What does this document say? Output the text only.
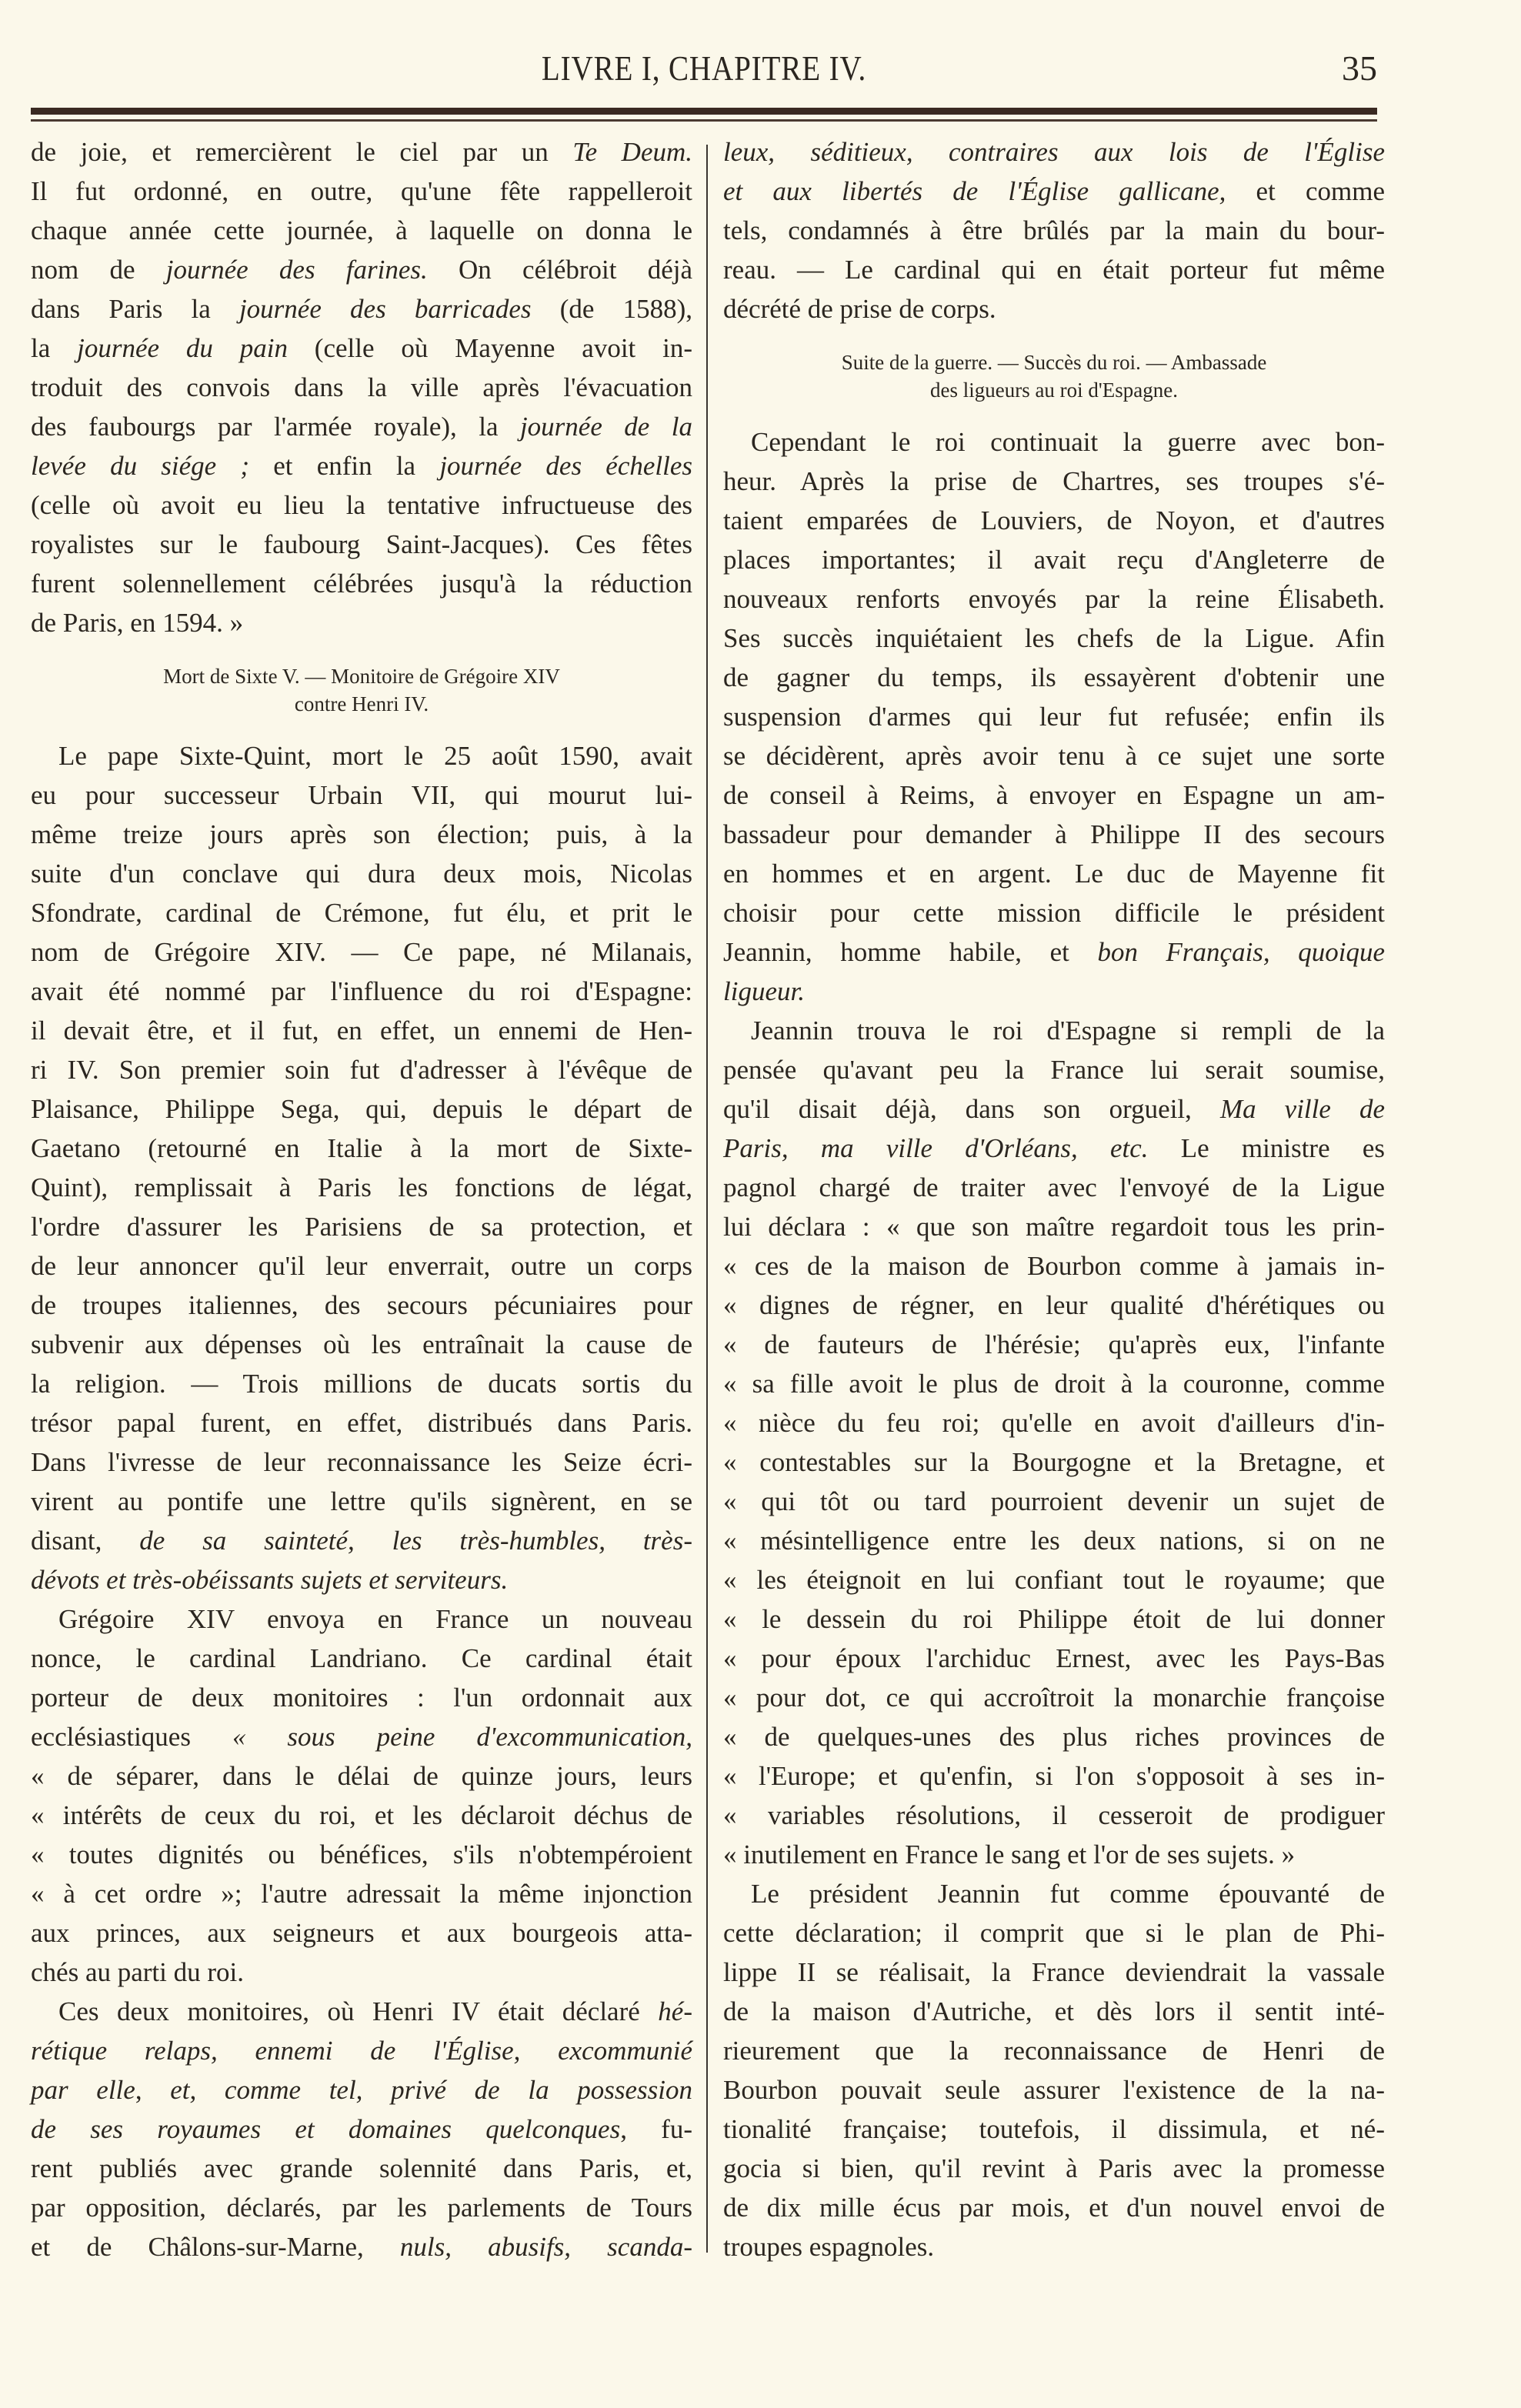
LIVRE I, CHAPITRE IV.	35
de joie, et remercièrent le ciel par un Te Deum.
Il fut ordonné, en outre, qu'une fête rappelleroit
chaque année cette journée, à laquelle on donna le
nom de journée des farines. On célébroit déjà
dans Paris la journée des barricades (de 1588),
la journée du pain (celle où Mayenne avoit in-
troduit des convois dans la ville après l'évacuation
des faubourgs par l'armée royale), la journée de la
levée du siége ; et enfin la journée des échelles
(celle où avoit eu lieu la tentative infructueuse des
royalistes sur le faubourg Saint-Jacques). Ces fêtes
furent solennellement célébrées jusqu'à la réduction
de Paris, en 1594. »
Mort de Sixte V. — Monitoire de Grégoire XIV
contre Henri IV.
Le pape Sixte-Quint, mort le 25 août 1590, avait
eu pour successeur Urbain VII, qui mourut lui-
même treize jours après son élection; puis, à la
suite d'un conclave qui dura deux mois, Nicolas
Sfondrate, cardinal de Crémone, fut élu, et prit le
nom de Grégoire XIV. — Ce pape, né Milanais,
avait été nommé par l'influence du roi d'Espagne:
il devait être, et il fut, en effet, un ennemi de Hen-
ri IV. Son premier soin fut d'adresser à l'évêque de
Plaisance, Philippe Sega, qui, depuis le départ de
Gaetano (retourné en Italie à la mort de Sixte-
Quint), remplissait à Paris les fonctions de légat,
l'ordre d'assurer les Parisiens de sa protection, et
de leur annoncer qu'il leur enverrait, outre un corps
de troupes italiennes, des secours pécuniaires pour
subvenir aux dépenses où les entraînait la cause de
la religion. — Trois millions de ducats sortis du
trésor papal furent, en effet, distribués dans Paris.
Dans l'ivresse de leur reconnaissance les Seize écri-
virent au pontife une lettre qu'ils signèrent, en se
disant, de sa sainteté, les très-humbles, très-
dévots et très-obéissants sujets et serviteurs.
Grégoire XIV envoya en France un nouveau
nonce, le cardinal Landriano. Ce cardinal était
porteur de deux monitoires : l'un ordonnait aux
ecclésiastiques « sous peine d'excommunication,
« de séparer, dans le délai de quinze jours, leurs
« intérêts de ceux du roi, et les déclaroit déchus de
« toutes dignités ou bénéfices, s'ils n'obtempéroient
« à cet ordre »; l'autre adressait la même injonction
aux princes, aux seigneurs et aux bourgeois atta-
chés au parti du roi.
Ces deux monitoires, où Henri IV était déclaré hé-
rétique relaps, ennemi de l'Église, excommunié
par elle, et, comme tel, privé de la possession
de ses royaumes et domaines quelconques, fu-
rent publiés avec grande solennité dans Paris, et,
par opposition, déclarés, par les parlements de Tours
et de Châlons-sur-Marne, nuls, abusifs, scanda-
leux, séditieux, contraires aux lois de l'Église
et aux libertés de l'Église gallicane, et comme
tels, condamnés à être brûlés par la main du bour-
reau. — Le cardinal qui en était porteur fut même
décrété de prise de corps.
Suite de la guerre. — Succès du roi. — Ambassade
des ligueurs au roi d'Espagne.
Cependant le roi continuait la guerre avec bon-
heur. Après la prise de Chartres, ses troupes s'é-
taient emparées de Louviers, de Noyon, et d'autres
places importantes; il avait reçu d'Angleterre de
nouveaux renforts envoyés par la reine Élisabeth.
Ses succès inquiétaient les chefs de la Ligue. Afin
de gagner du temps, ils essayèrent d'obtenir une
suspension d'armes qui leur fut refusée; enfin ils
se décidèrent, après avoir tenu à ce sujet une sorte
de conseil à Reims, à envoyer en Espagne un am-
bassadeur pour demander à Philippe II des secours
en hommes et en argent. Le duc de Mayenne fit
choisir pour cette mission difficile le président
Jeannin, homme habile, et bon Français, quoique
ligueur.
Jeannin trouva le roi d'Espagne si rempli de la
pensée qu'avant peu la France lui serait soumise,
qu'il disait déjà, dans son orgueil, Ma ville de
Paris, ma ville d'Orléans, etc. Le ministre es
pagnol chargé de traiter avec l'envoyé de la Ligue
lui déclara : « que son maître regardoit tous les prin-
« ces de la maison de Bourbon comme à jamais in-
« dignes de régner, en leur qualité d'hérétiques ou
« de fauteurs de l'hérésie; qu'après eux, l'infante
« sa fille avoit le plus de droit à la couronne, comme
« nièce du feu roi; qu'elle en avoit d'ailleurs d'in-
« contestables sur la Bourgogne et la Bretagne, et
« qui tôt ou tard pourroient devenir un sujet de
« mésintelligence entre les deux nations, si on ne
« les éteignoit en lui confiant tout le royaume; que
« le dessein du roi Philippe étoit de lui donner
« pour époux l'archiduc Ernest, avec les Pays-Bas
« pour dot, ce qui accroîtroit la monarchie françoise
« de quelques-unes des plus riches provinces de
« l'Europe; et qu'enfin, si l'on s'opposoit à ses in-
« variables résolutions, il cesseroit de prodiguer
« inutilement en France le sang et l'or de ses sujets. »
Le président Jeannin fut comme épouvanté de
cette déclaration; il comprit que si le plan de Phi-
lippe II se réalisait, la France deviendrait la vassale
de la maison d'Autriche, et dès lors il sentit inté-
rieurement que la reconnaissance de Henri de
Bourbon pouvait seule assurer l'existence de la na-
tionalité française; toutefois, il dissimula, et né-
gocia si bien, qu'il revint à Paris avec la promesse
de dix mille écus par mois, et d'un nouvel envoi de
troupes espagnoles.
